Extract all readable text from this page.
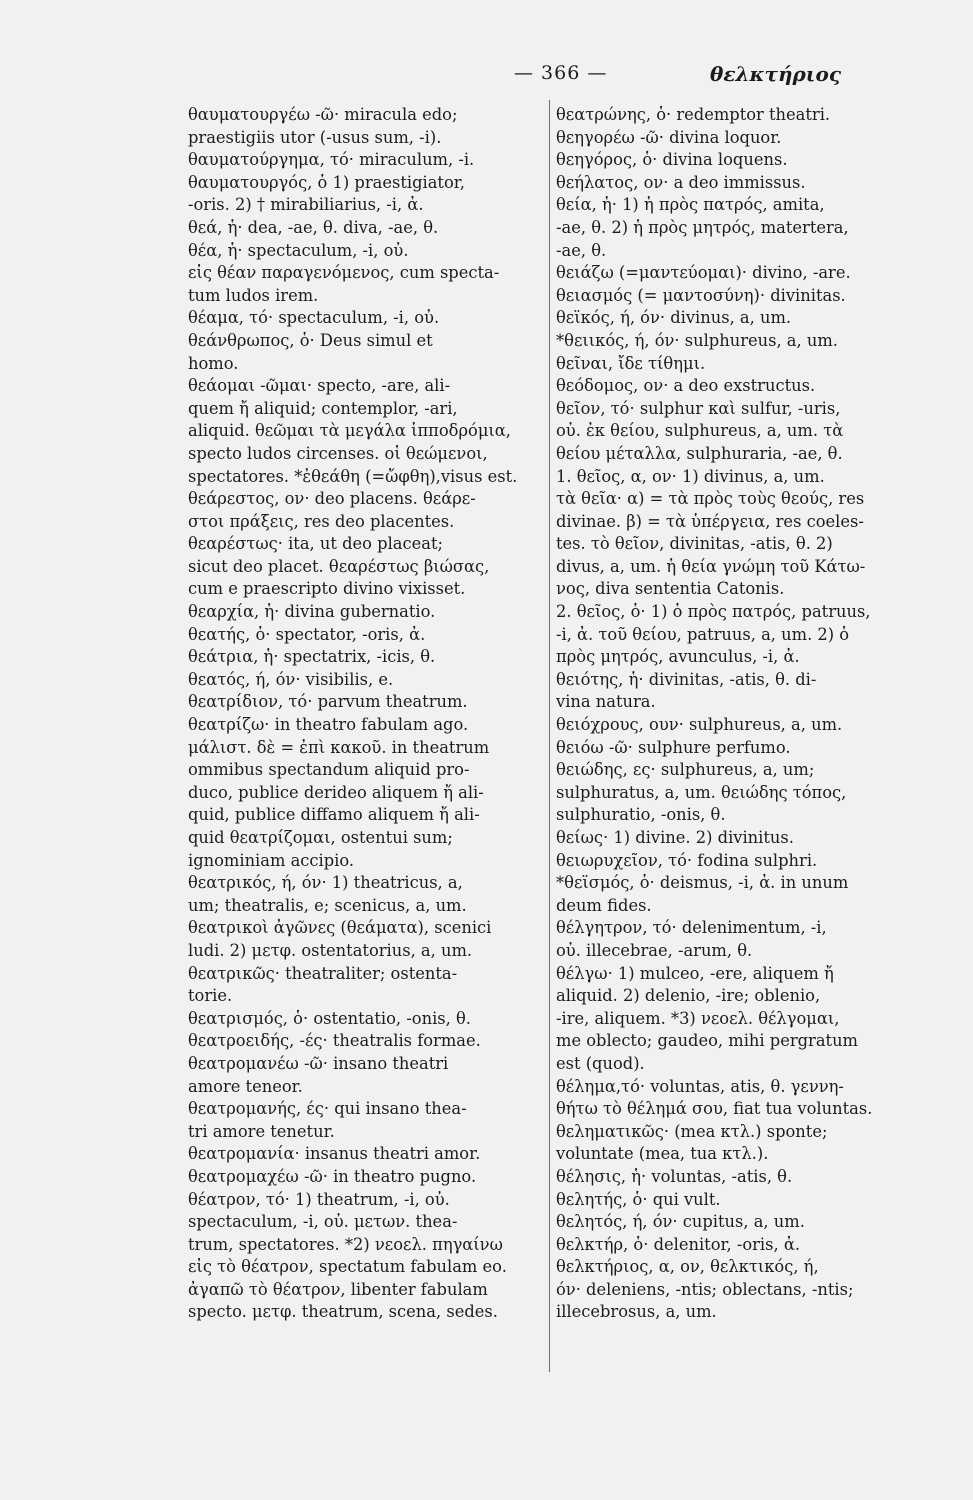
— 366 —	θελκτήριος
θαυματουργέω -ῶ· miracula edo;
praestigiis utor (-usus sum, -i).
θαυματούργημα, τό· miraculum, -i.
θαυματουργός, ὁ 1) praestigiator,
-oris. 2) † mirabiliarius, -i, ἀ.
θεά, ἡ· dea, -ae, θ. diva, -ae, θ.
θέα, ἡ· spectaculum, -i, οὐ.
εἰς θέαν παραγενόμενος, cum specta-
tum ludos irem.
θέαμα, τό· spectaculum, -i, οὐ.
θεάνθρωπος, ὁ· Deus simul et
homo.
θεάομαι -ῶμαι· specto, -are, ali-
quem ἤ aliquid; contemplor, -ari,
aliquid. θεῶμαι τὰ μεγάλα ἱπποδρόμια,
specto ludos circenses. οἱ θεώμενοι,
spectatores. *ἐθεάθη (=ὤφθη),visus est.
θεάρεστος, ον· deo placens. θεάρε-
στοι πράξεις, res deo placentes.
θεαρέστως· ita, ut deo placeat;
sicut deo placet. θεαρέστως βιώσας,
cum e praescripto divino vixisset.
θεαρχία, ἡ· divina gubernatio.
θεατής, ὁ· spectator, -oris, ἀ.
θεάτρια, ἡ· spectatrix, -icis, θ.
θεατός, ή, όν· visibilis, e.
θεατρίδιον, τό· parvum theatrum.
θεατρίζω· in theatro fabulam ago.
μάλιστ. δὲ = ἐπὶ κακοῦ. in theatrum
ommibus spectandum aliquid pro-
duco, publice derideo aliquem ἤ ali-
quid, publice diffamo aliquem ἤ ali-
quid θεατρίζομαι, ostentui sum;
ignominiam accipio.
θεατρικός, ή, όν· 1) theatricus, a,
um; theatralis, e; scenicus, a, um.
θεατρικοὶ ἀγῶνες (θεάματα), scenici
ludi. 2) μετφ. ostentatorius, a, um.
θεατρικῶς· theatraliter; ostenta-
torie.
θεατρισμός, ὁ· ostentatio, -onis, θ.
θεατροειδής, -ές· theatralis formae.
θεατρομανέω -ῶ· insano theatri
amore teneor.
θεατρομανής, ές· qui insano thea-
tri amore tenetur.
θεατρομανία· insanus theatri amor.
θεατρομαχέω -ῶ· in theatro pugno.
θέατρον, τό· 1) theatrum, -i, οὐ.
spectaculum, -i, οὐ. μετων. thea-
trum, spectatores. *2) νεοελ. πηγαίνω
εἰς τὸ θέατρον, spectatum fabulam eo.
ἀγαπῶ τὸ θέατρον, libenter fabulam
specto. μετφ. theatrum, scena, sedes.
θεατρώνης, ὁ· redemptor theatri.
θεηγορέω -ῶ· divina loquor.
θεηγόρος, ὁ· divina loquens.
θεήλατος, ον· a deo immissus.
θεία, ἡ· 1) ἡ πρὸς πατρός, amita,
-ae, θ. 2) ἡ πρὸς μητρός, matertera,
-ae, θ.
θειάζω (=μαντεύομαι)· divino, -are.
θειασμός (= μαντοσύνη)· divinitas.
θεϊκός, ή, όν· divinus, a, um.
*θειικός, ή, όν· sulphureus, a, um.
θεῖναι, ἴδε τίθημι.
θεόδομος, ον· a deo exstructus.
θεῖον, τό· sulphur καὶ sulfur, -uris,
οὐ. ἐκ θείου, sulphureus, a, um. τὰ
θείου μέταλλα, sulphuraria, -ae, θ.
1. θεῖος, α, ον· 1) divinus, a, um.
τὰ θεῖα· α) = τὰ πρὸς τοὺς θεούς, res
divinae. β) = τὰ ὑπέργεια, res coeles-
tes. τὸ θεῖον, divinitas, -atis, θ. 2)
divus, a, um. ἡ θεία γνώμη τοῦ Κάτω-
νος, diva sententia Catonis.
2. θεῖος, ὁ· 1) ὁ πρὸς πατρός, patruus,
-i, ἀ. τοῦ θείου, patruus, a, um. 2) ὁ
πρὸς μητρός, avunculus, -i, ἀ.
θειότης, ἡ· divinitas, -atis, θ. di-
vina natura.
θειόχρους, ουν· sulphureus, a, um.
θειόω -ῶ· sulphure perfumo.
θειώδης, ες· sulphureus, a, um;
sulphuratus, a, um. θειώδης τόπος,
sulphuratio, -onis, θ.
θείως· 1) divine. 2) divinitus.
θειωρυχεῖον, τό· fodina sulphri.
*θεϊσμός, ὁ· deismus, -i, ἀ. in unum
deum fides.
θέλγητρον, τό· delenimentum, -i,
οὐ. illecebrae, -arum, θ.
θέλγω· 1) mulceo, -ere, aliquem ἤ
aliquid. 2) delenio, -ire; oblenio,
-ire, aliquem. *3) νεοελ. θέλγομαι,
me oblecto; gaudeo, mihi pergratum
est (quod).
θέλημα,τό· voluntas, atis, θ. γεννη-
θήτω τὸ θέλημά σου, fiat tua voluntas.
θεληματικῶς· (mea κτλ.) sponte;
voluntate (mea, tua κτλ.).
θέλησις, ἡ· voluntas, -atis, θ.
θελητής, ὁ· qui vult.
θελητός, ή, όν· cupitus, a, um.
θελκτήρ, ὁ· delenitor, -oris, ἀ.
θελκτήριος, α, ον, θελκτικός, ή,
όν· deleniens, -ntis; oblectans, -ntis;
illecebrosus, a, um.
